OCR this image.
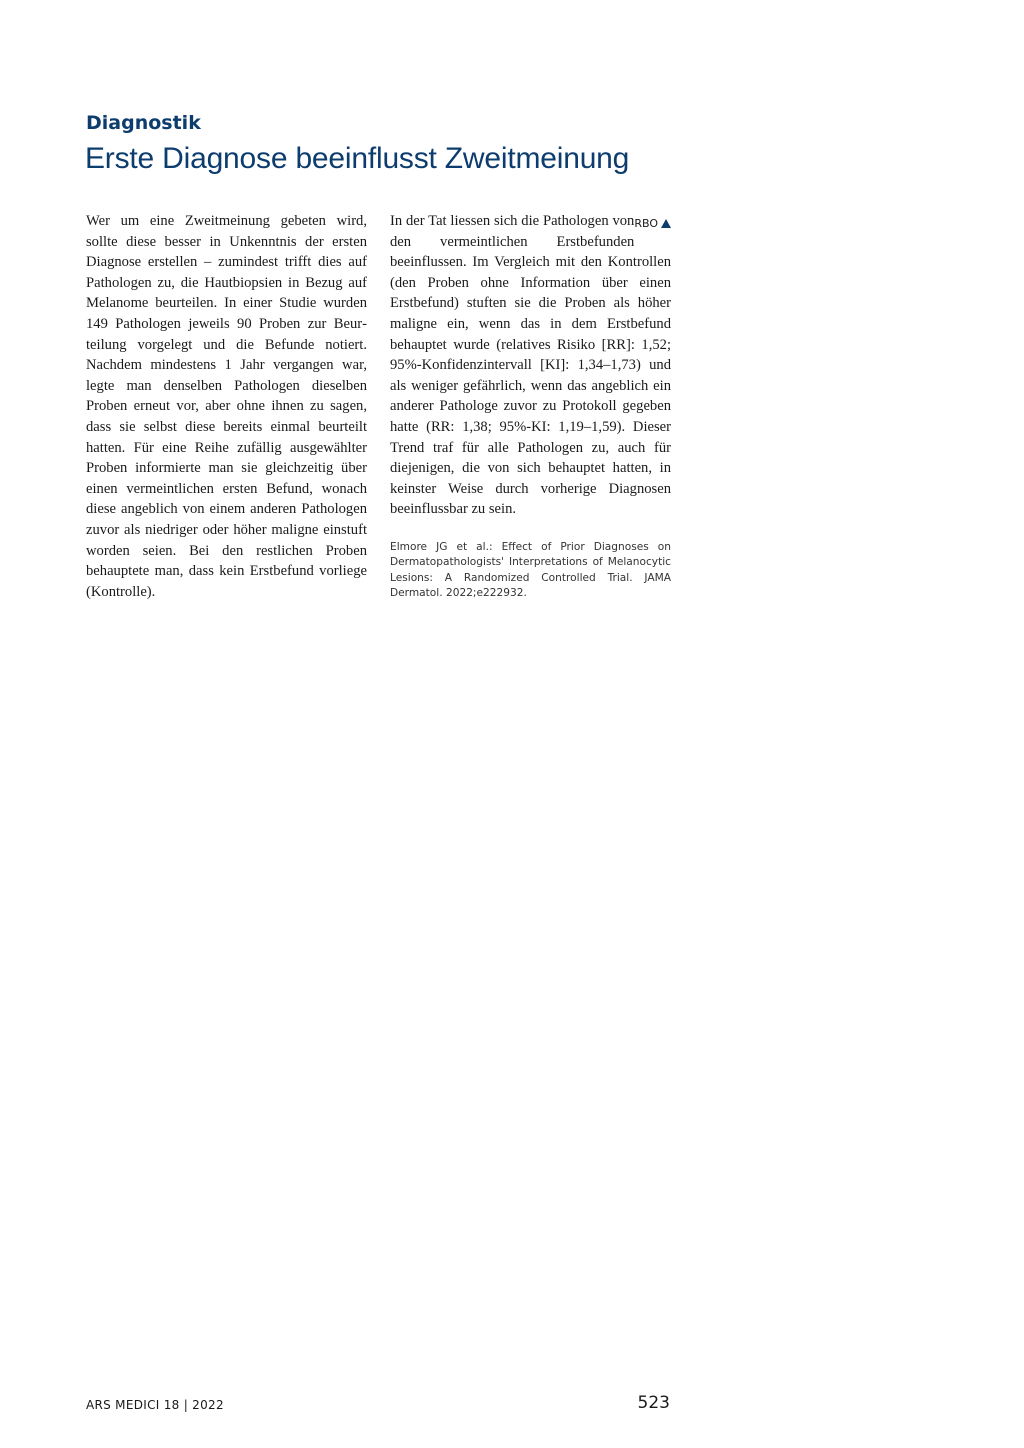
Diagnostik
Erste Diagnose beeinflusst Zweitmeinung

Wer um eine Zweitmeinung gebeten wird, sollte diese besser in Unkenntnis der ersten Diagnose erstellen – zumindest trifft dies auf Pathologen zu, die Hautbiopsien in Bezug auf Melanome beurteilen. In einer Studie wurden 149 Pathologen jeweils 90 Proben zur Beurteilung vorgelegt und die Befunde notiert. Nachdem mindestens 1 Jahr vergangen war, legte man denselben Pathologen dieselben Proben erneut vor, aber ohne ihnen zu sagen, dass sie selbst diese bereits einmal beurteilt hatten. Für eine Reihe zufällig ausgewählter Proben informierte man sie gleichzeitig über einen vermeintlichen ersten Befund, wonach diese angeblich von einem anderen Pathologen zuvor als niedriger oder höher maligne einstuft worden seien. Bei den restlichen Proben behauptete man, dass kein Erstbefund vorliege (Kontrolle).

RBO

In der Tat liessen sich die Pathologen von den vermeintlichen Erstbefunden beeinflussen. Im Vergleich mit den Kontrollen (den Proben ohne Information über einen Erstbefund) stuften sie die Proben als höher maligne ein, wenn das in dem Erstbefund behauptet wurde (relatives Risiko [RR]: 1,52; 95%-Konfidenzintervall [KI]: 1,34–1,73) und als weniger gefährlich, wenn das angeblich ein anderer Pathologe zuvor zu Protokoll gegeben hatte (RR: 1,38; 95%-KI: 1,19–1,59). Dieser Trend traf für alle Pathologen zu, auch für diejenigen, die von sich behauptet hatten, in keinster Weise durch vorherige Diagnosen beeinflussbar zu sein.

Elmore JG et al.: Effect of Prior Diagnoses on Dermatopathologists' Interpretations of Melanocytic Lesions: A Randomized Controlled Trial. JAMA Dermatol. 2022;e222932.
ARS MEDICI 18 | 2022	523
